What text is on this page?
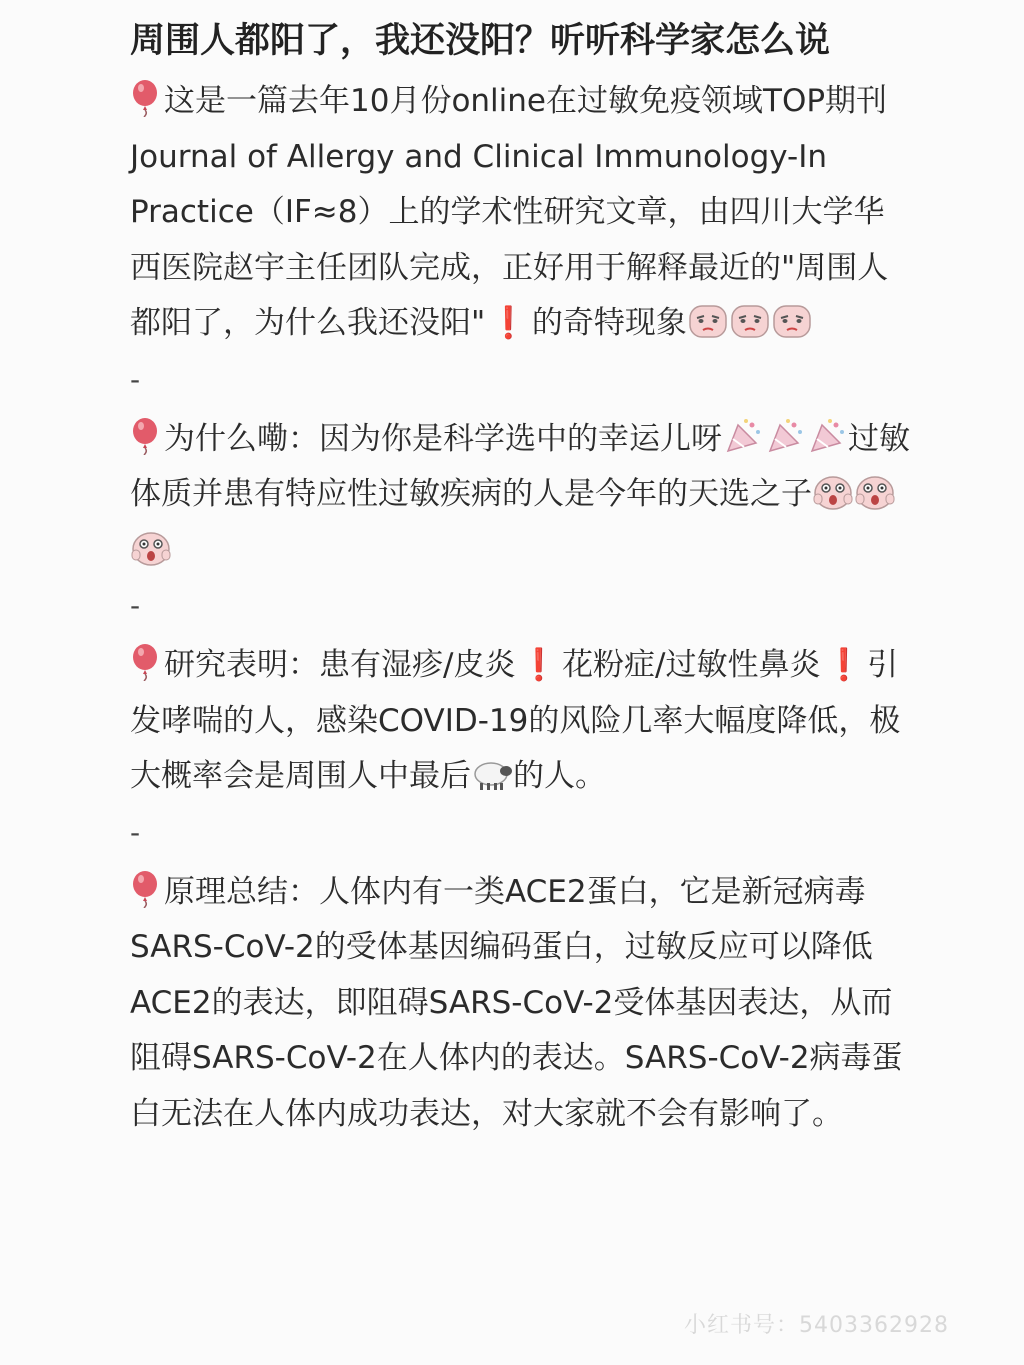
周围人都阳了，我还没阳？听听科学家怎么说

这是一篇去年10月份online在过敏免疫领域TOP期刊Journal of Allergy and Clinical Immunology-In Practice（IF≈8）上的学术性研究文章，由四川大学华西医院赵宇主任团队完成，正好用于解释最近的"周围人都阳了，为什么我还没阳" ❗ 的奇特现象

-

为什么嘞：因为你是科学选中的幸运儿呀	过敏体质并患有特应性过敏疾病的人是今年的天选之子

-

研究表明：患有湿疹/皮炎 ❗ 花粉症/过敏性鼻炎 ❗ 引发哮喘的人，感染COVID-19的风险几率大幅度降低，极大概率会是周围人中最后 的人。

-

原理总结：人体内有一类ACE2蛋白，它是新冠病毒SARS-CoV-2的受体基因编码蛋白，过敏反应可以降低ACE2的表达，即阻碍SARS-CoV-2受体基因表达，从而阻碍SARS-CoV-2在人体内的表达。SARS-CoV-2病毒蛋白无法在人体内成功表达，对大家就不会有影响了。

小红书号：5403362928
